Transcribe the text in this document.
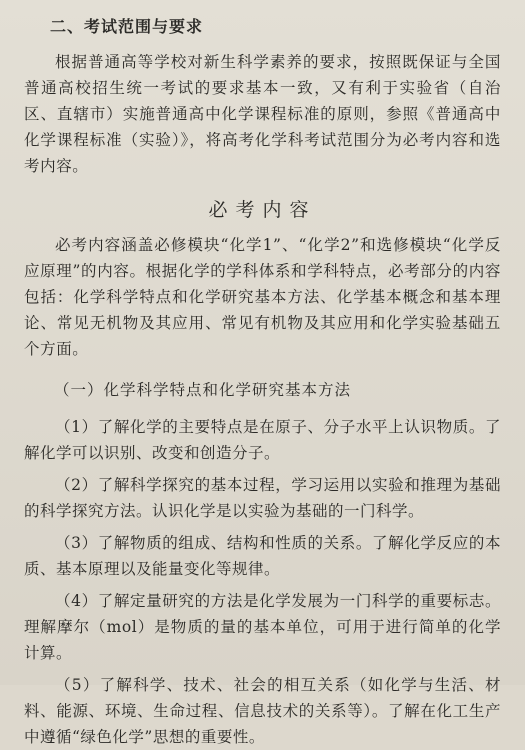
二、考试范围与要求

根据普通高等学校对新生科学素养的要求，按照既保证与全国普通高校招生统一考试的要求基本一致，又有利于实验省（自治区、直辖市）实施普通高中化学课程标准的原则，参照《普通高中化学课程标准（实验）》，将高考化学科考试范围分为必考内容和选考内容。

必考内容

必考内容涵盖必修模块“化学1”、“化学2”和选修模块“化学反应原理”的内容。根据化学的学科体系和学科特点，必考部分的内容包括：化学科学特点和化学研究基本方法、化学基本概念和基本理论、常见无机物及其应用、常见有机物及其应用和化学实验基础五个方面。

（一）化学科学特点和化学研究基本方法

（1）了解化学的主要特点是在原子、分子水平上认识物质。了解化学可以识别、改变和创造分子。

（2）了解科学探究的基本过程，学习运用以实验和推理为基础的科学探究方法。认识化学是以实验为基础的一门科学。

（3）了解物质的组成、结构和性质的关系。了解化学反应的本质、基本原理以及能量变化等规律。

（4）了解定量研究的方法是化学发展为一门科学的重要标志。理解摩尔（mol）是物质的量的基本单位，可用于进行简单的化学计算。

（5）了解科学、技术、社会的相互关系（如化学与生活、材料、能源、环境、生命过程、信息技术的关系等）。了解在化工生产中遵循“绿色化学”思想的重要性。
